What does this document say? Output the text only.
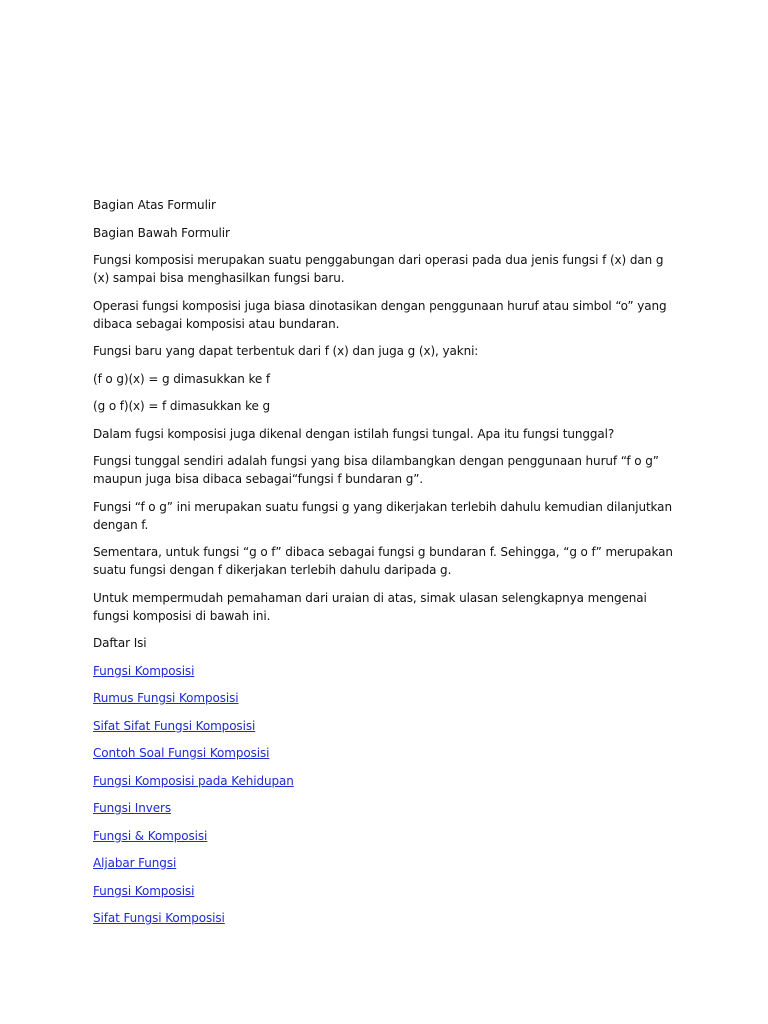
Bagian Atas Formulir

Bagian Bawah Formulir

Fungsi komposisi merupakan suatu penggabungan dari operasi pada dua jenis fungsi f (x) dan g (x) sampai bisa menghasilkan fungsi baru.

Operasi fungsi komposisi juga biasa dinotasikan dengan penggunaan huruf atau simbol “o” yang dibaca sebagai komposisi atau bundaran.

Fungsi baru yang dapat terbentuk dari f (x) dan juga g (x), yakni:

(f o g)(x) = g dimasukkan ke f

(g o f)(x) = f dimasukkan ke g

Dalam fugsi komposisi juga dikenal dengan istilah fungsi tungal. Apa itu fungsi tunggal?

Fungsi tunggal sendiri adalah fungsi yang bisa dilambangkan dengan penggunaan huruf “f o g” maupun juga bisa dibaca sebagai“fungsi f bundaran g”.

Fungsi “f o g” ini merupakan suatu fungsi g yang dikerjakan terlebih dahulu kemudian dilanjutkan dengan f.

Sementara, untuk fungsi “g o f” dibaca sebagai fungsi g bundaran f. Sehingga, “g o f” merupakan suatu fungsi dengan f dikerjakan terlebih dahulu daripada g.

Untuk mempermudah pemahaman dari uraian di atas, simak ulasan selengkapnya mengenai fungsi komposisi di bawah ini.

Daftar Isi

Fungsi Komposisi
Rumus Fungsi Komposisi
Sifat Sifat Fungsi Komposisi
Contoh Soal Fungsi Komposisi
Fungsi Komposisi pada Kehidupan
Fungsi Invers
Fungsi & Komposisi
Aljabar Fungsi
Fungsi Komposisi
Sifat Fungsi Komposisi
